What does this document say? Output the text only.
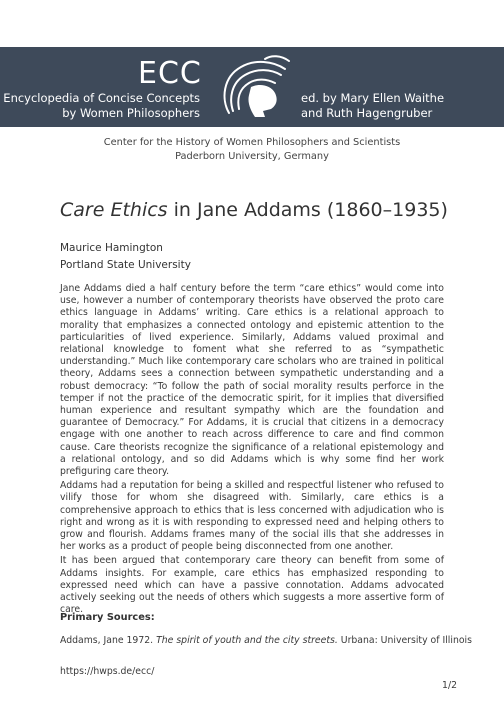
ECC
Encyclopedia of Concise Concepts
by Women Philosophers
ed. by Mary Ellen Waithe
and Ruth Hagengruber
Center for the History of Women Philosophers and Scientists
Paderborn University, Germany
Care Ethics in Jane Addams (1860–1935)
Maurice Hamington
Portland State University

Jane Addams died a half century before the term “care ethics” would come into use, however a number of contemporary theorists have observed the proto care ethics language in Addams’ writing. Care ethics is a relational approach to morality that emphasizes a connected ontology and epistemic attention to the particularities of lived experience. Similarly, Addams valued proximal and relational knowledge to foment what she referred to as “sympathetic understanding.” Much like contemporary care scholars who are trained in political theory, Addams sees a connection between sympathetic understanding and a robust democracy: “To follow the path of social morality results perforce in the temper if not the practice of the democratic spirit, for it implies that diversified human experience and resultant sympathy which are the foundation and guarantee of Democracy.” For Addams, it is crucial that citizens in a democracy engage with one another to reach across difference to care and find common cause. Care theorists recognize the significance of a relational epistemology and a relational ontology, and so did Addams which is why some find her work prefiguring care theory.

Addams had a reputation for being a skilled and respectful listener who refused to vilify those for whom she disagreed with. Similarly, care ethics is a comprehensive approach to ethics that is less concerned with adjudication who is right and wrong as it is with responding to expressed need and helping others to grow and flourish. Addams frames many of the social ills that she addresses in her works as a product of people being disconnected from one another.

It has been argued that contemporary care theory can benefit from some of Addams insights. For example, care ethics has emphasized responding to expressed need which can have a passive connotation. Addams advocated actively seeking out the needs of others which suggests a more assertive form of care.

Primary Sources:
Addams, Jane 1972. The spirit of youth and the city streets. Urbana: University of Illinois
https://hwps.de/ecc/
1/2
